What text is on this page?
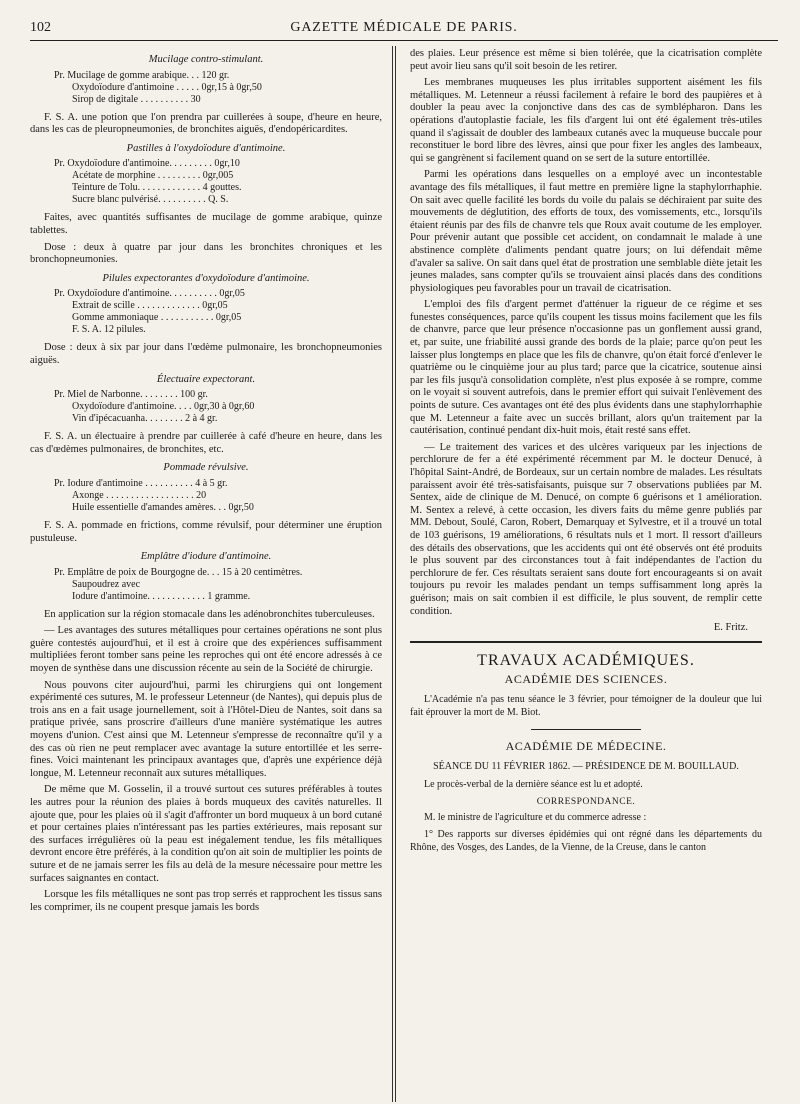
102	GAZETTE MÉDICALE DE PARIS.
Mucilage contro-stimulant.
Pr. Mucilage de gomme arabique. . . 120 gr.
Oxydoïodure d'antimoine . . . . . 0gr,15 à 0gr,50
Sirop de digitale . . . . . . . . . . 30

F. S. A. une potion que l'on prendra par cuillerées à soupe, d'heure en heure, dans les cas de pleuropneumonies, de bronchites aiguës, d'endopéricardites.

Pastilles à l'oxydoïodure d'antimoine.
Pr. Oxydoïodure d'antimoine. . . . . . . . . 0gr,10
Acétate de morphine . . . . . . . . . 0gr,005
Teinture de Tolu. . . . . . . . . . . . . 4 gouttes.
Sucre blanc pulvérisé. . . . . . . . . . Q. S.

Faites, avec quantités suffisantes de mucilage de gomme arabique, quinze tablettes.

Dose : deux à quatre par jour dans les bronchites chroniques et les bronchopneumonies.

Pilules expectorantes d'oxydoïodure d'antimoine.
Pr. Oxydoïodure d'antimoine. . . . . . . . . . 0gr,05
Extrait de scille . . . . . . . . . . . . . 0gr,05
Gomme ammoniaque . . . . . . . . . . . 0gr,05
F. S. A. 12 pilules.

Dose : deux à six par jour dans l'œdème pulmonaire, les bronchopneumonies aiguës.

Électuaire expectorant.
Pr. Miel de Narbonne. . . . . . . . 100 gr.
Oxydoïodure d'antimoine. . . . 0gr,30 à 0gr,60
Vin d'ipécacuanha. . . . . . . . 2 à 4 gr.

F. S. A. un électuaire à prendre par cuillerée à café d'heure en heure, dans les cas d'œdèmes pulmonaires, de bronchites, etc.

Pommade révulsive.
Pr. Iodure d'antimoine . . . . . . . . . . 4 à 5 gr.
Axonge . . . . . . . . . . . . . . . . . . 20
Huile essentielle d'amandes amères. . . 0gr,50

F. S. A. pommade en frictions, comme révulsif, pour déterminer une éruption pustuleuse.

Emplâtre d'iodure d'antimoine.
Pr. Emplâtre de poix de Bourgogne de. . . 15 à 20 centimètres.
Saupoudrez avec
Iodure d'antimoine. . . . . . . . . . . . 1 gramme.

En application sur la région stomacale dans les adénobronchites tuberculeuses.

— Les avantages des sutures métalliques pour certaines opérations ne sont plus guère contestés aujourd'hui, et il est à croire que des expériences suffisamment multipliées feront tomber sans peine les reproches qui ont été encore adressés à ce moyen de synthèse dans une discussion récente au sein de la Société de chirurgie.

Nous pouvons citer aujourd'hui, parmi les chirurgiens qui ont longement expérimenté ces sutures, M. le professeur Letenneur (de Nantes), qui depuis plus de trois ans en a fait usage journellement, soit à l'Hôtel-Dieu de Nantes, soit dans sa pratique privée, sans proscrire d'ailleurs d'une manière systématique les autres moyens d'union. C'est ainsi que M. Letenneur s'empresse de reconnaître qu'il y a des cas où rien ne peut remplacer avec avantage la suture entortillée et les serre-fines. Voici maintenant les principaux avantages que, d'après une expérience déjà longue, M. Letenneur reconnaît aux sutures métalliques.

De même que M. Gosselin, il a trouvé surtout ces sutures préférables à toutes les autres pour la réunion des plaies à bords muqueux des cavités naturelles. Il ajoute que, pour les plaies où il s'agit d'affronter un bord muqueux à un bord cutané et pour certaines plaies n'intéressant pas les parties extérieures, mais reposant sur des surfaces irrégulières où la peau est inégalement tendue, les fils métalliques devront encore être préférés, à la condition qu'on ait soin de multiplier les points de suture et de ne jamais serrer les fils au delà de la mesure nécessaire pour mettre les surfaces saignantes en contact.

Lorsque les fils métalliques ne sont pas trop serrés et rapprochent les tissus sans les comprimer, ils ne coupent presque jamais les bords

des plaies. Leur présence est même si bien tolérée, que la cicatrisation complète peut avoir lieu sans qu'il soit besoin de les retirer.

Les membranes muqueuses les plus irritables supportent aisément les fils métalliques. M. Letenneur a réussi facilement à refaire le bord des paupières et à doubler la peau avec la conjonctive dans des cas de symblépharon. Dans les opérations d'autoplastie faciale, les fils d'argent lui ont été également très-utiles quand il s'agissait de doubler des lambeaux cutanés avec la muqueuse buccale pour reconstituer le bord libre des lèvres, ainsi que pour fixer les angles des lambeaux, qui se gangrènent si facilement quand on se sert de la suture entortillée.

Parmi les opérations dans lesquelles on a employé avec un incontestable avantage des fils métalliques, il faut mettre en première ligne la staphylorrhaphie. On sait avec quelle facilité les bords du voile du palais se déchiraient par suite des mouvements de déglutition, des efforts de toux, des vomissements, etc., lorsqu'ils étaient réunis par des fils de chanvre tels que Roux avait coutume de les employer. Pour prévenir autant que possible cet accident, on condamnait le malade à une abstinence complète d'aliments pendant quatre jours; on lui défendait même d'avaler sa salive. On sait dans quel état de prostration une semblable diète jetait les jeunes malades, sans compter qu'ils se trouvaient ainsi placés dans des conditions physiologiques peu favorables pour un travail de cicatrisation.

L'emploi des fils d'argent permet d'atténuer la rigueur de ce régime et ses funestes conséquences, parce qu'ils coupent les tissus moins facilement que les fils de chanvre, parce que leur présence n'occasionne pas un gonflement aussi grand, et, par suite, une friabilité aussi grande des bords de la plaie; parce qu'on peut les laisser plus longtemps en place que les fils de chanvre, qu'on était forcé d'enlever le quatrième ou le cinquième jour au plus tard; parce que la cicatrice, soutenue ainsi par les fils jusqu'à consolidation complète, n'est plus exposée à se rompre, comme on le voyait si souvent autrefois, dans le premier effort qui suivait l'enlèvement des points de suture. Ces avantages ont été des plus évidents dans une staphylorrhaphie que M. Letenneur a faite avec un succès brillant, alors qu'un traitement par la cautérisation, continué pendant dix-huit mois, était resté sans effet.

— Le traitement des varices et des ulcères variqueux par les injections de perchlorure de fer a été expérimenté récemment par M. le docteur Denucé, à l'hôpital Saint-André, de Bordeaux, sur un certain nombre de malades. Les résultats paraissent avoir été très-satisfaisants, puisque sur 7 observations publiées par M. Sentex, aide de clinique de M. Denucé, on compte 6 guérisons et 1 amélioration. M. Sentex a relevé, à cette occasion, les divers faits du même genre publiés par MM. Debout, Soulé, Caron, Robert, Demarquay et Sylvestre, et il a trouvé un total de 103 guérisons, 19 améliorations, 6 résultats nuls et 1 mort. Il ressort d'ailleurs des détails des observations, que les accidents qui ont été observés ont été produits le plus souvent par des circonstances tout à fait indépendantes de l'action du perchlorure de fer. Ces résultats seraient sans doute fort encourageants si on avait toujours pu revoir les malades pendant un temps suffisamment long après la guérison; mais on sait combien il est difficile, le plus souvent, de remplir cette condition.

E. Fritz.
TRAVAUX ACADÉMIQUES.
ACADÉMIE DES SCIENCES.

L'Académie n'a pas tenu séance le 3 février, pour témoigner de la douleur que lui fait éprouver la mort de M. Biot.

ACADÉMIE DE MÉDECINE.
SÉANCE DU 11 FÉVRIER 1862. — PRÉSIDENCE DE M. BOUILLAUD.

Le procès-verbal de la dernière séance est lu et adopté.

CORRESPONDANCE.

M. le ministre de l'agriculture et du commerce adresse :

1° Des rapports sur diverses épidémies qui ont régné dans les départements du Rhône, des Vosges, des Landes, de la Vienne, de la Creuse, dans le canton
